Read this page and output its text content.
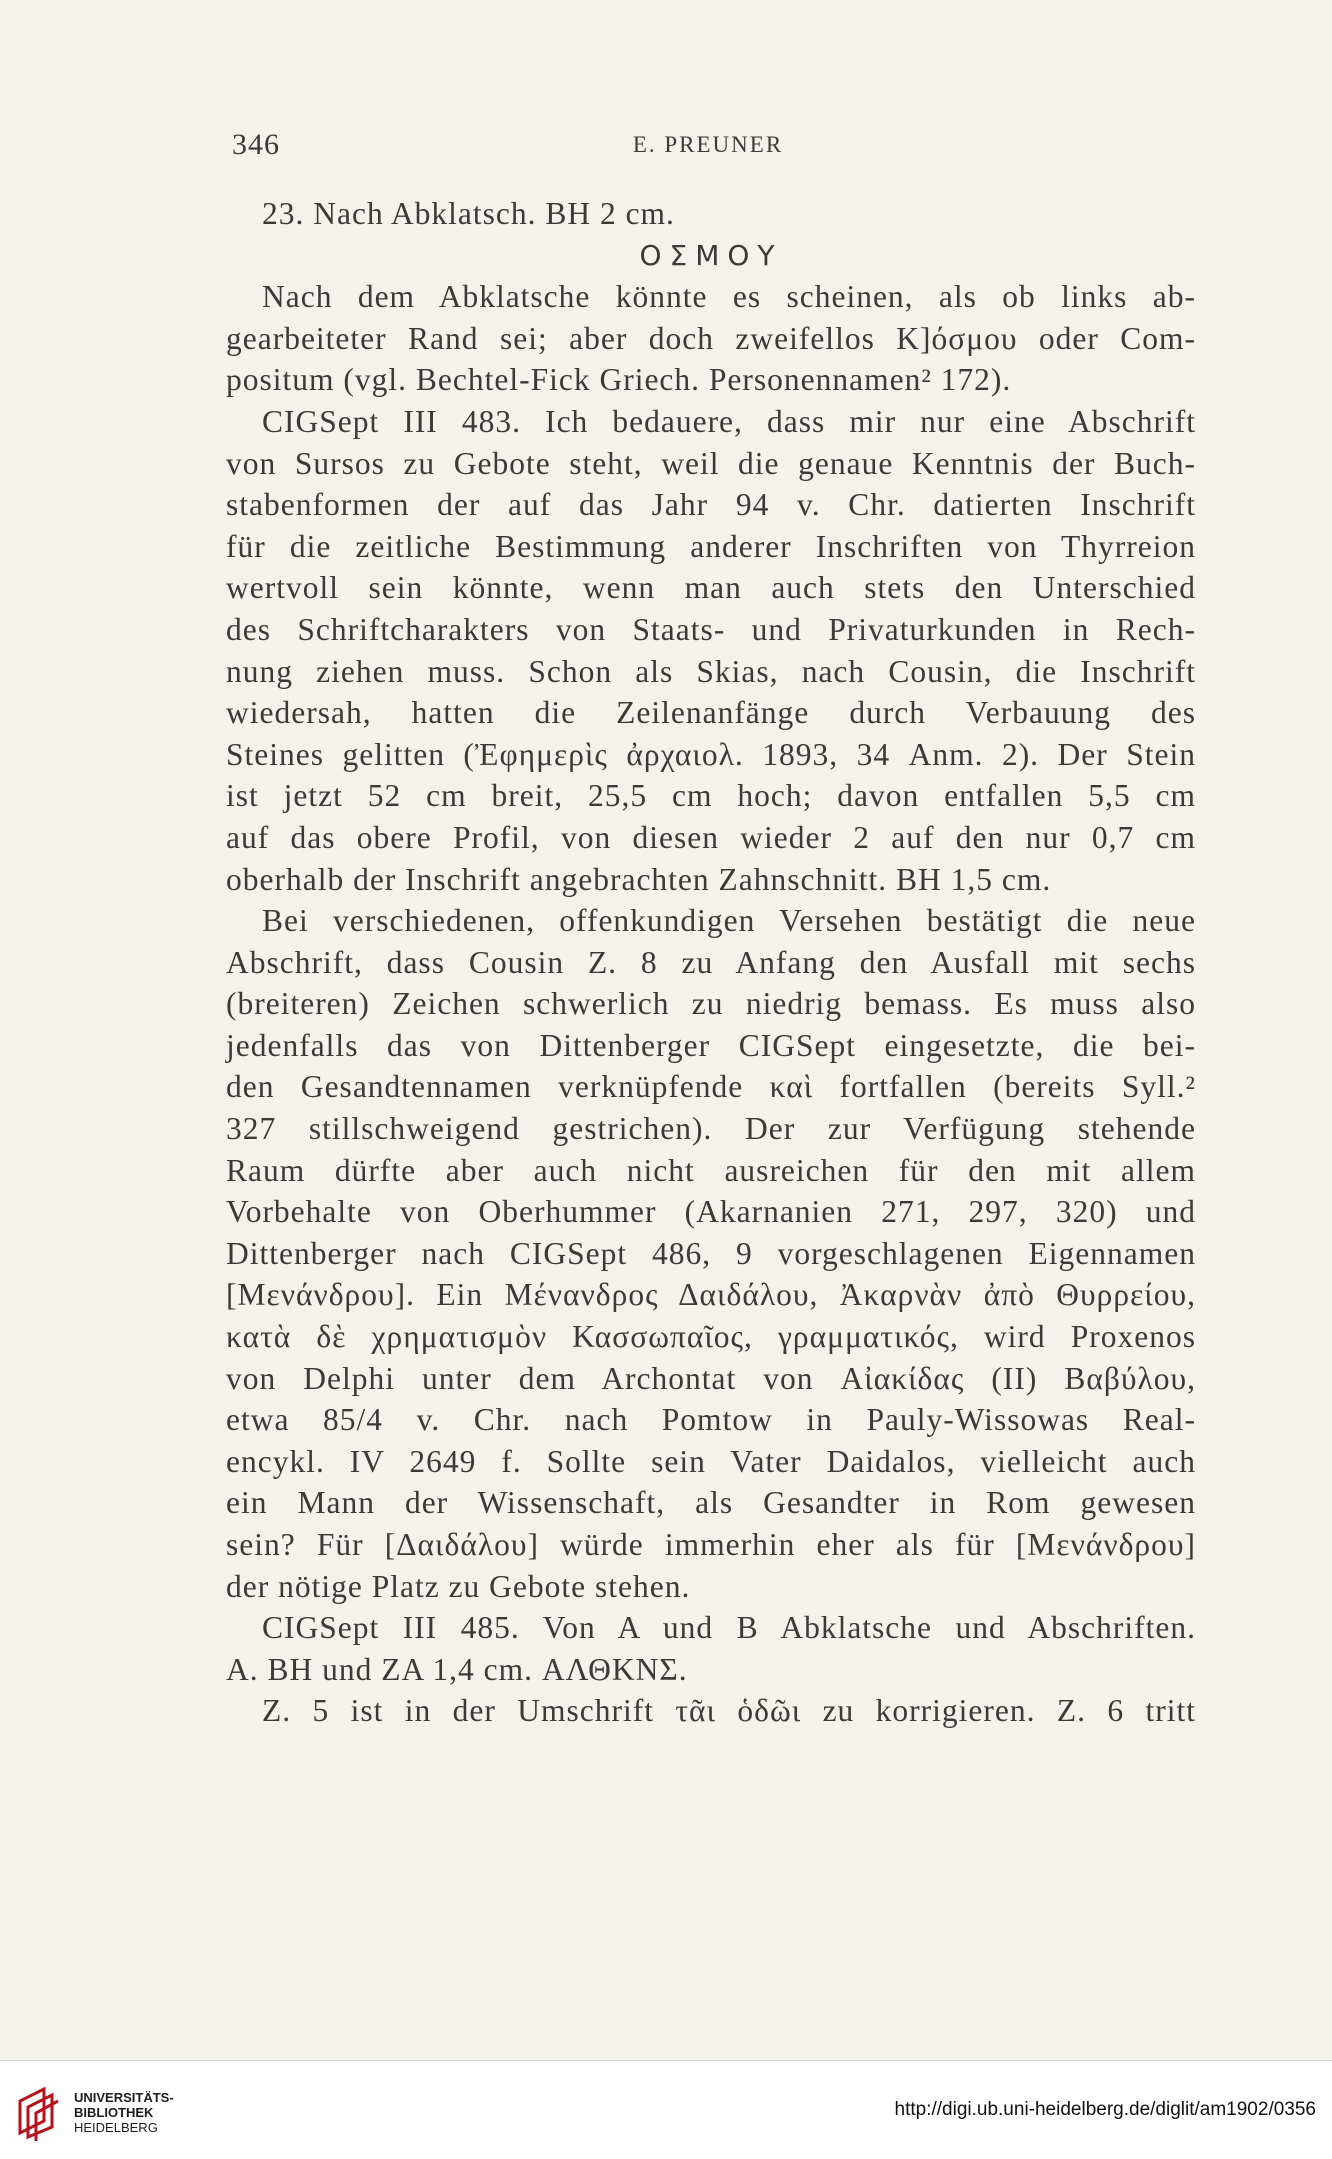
346	E. PREUNER
23. Nach Abklatsch. BH 2 cm.
ΟΣΜΟΥ
Nach dem Abklatsche könnte es scheinen, als ob links ab-
gearbeiteter Rand sei; aber doch zweifellos K]όσμου oder Com-
positum (vgl. Bechtel-Fick Griech. Personennamen² 172).
CIGSept III 483. Ich bedauere, dass mir nur eine Abschrift
von Sursos zu Gebote steht, weil die genaue Kenntnis der Buch-
stabenformen der auf das Jahr 94 v. Chr. datierten Inschrift
für die zeitliche Bestimmung anderer Inschriften von Thyrreion
wertvoll sein könnte, wenn man auch stets den Unterschied
des Schriftcharakters von Staats- und Privaturkunden in Rech-
nung ziehen muss. Schon als Skias, nach Cousin, die Inschrift
wiedersah, hatten die Zeilenanfänge durch Verbauung des
Steines gelitten (Ἐφημερὶς ἀρχαιολ. 1893, 34 Anm. 2). Der Stein
ist jetzt 52 cm breit, 25,5 cm hoch; davon entfallen 5,5 cm
auf das obere Profil, von diesen wieder 2 auf den nur 0,7 cm
oberhalb der Inschrift angebrachten Zahnschnitt. BH 1,5 cm.
Bei verschiedenen, offenkundigen Versehen bestätigt die neue
Abschrift, dass Cousin Z. 8 zu Anfang den Ausfall mit sechs
(breiteren) Zeichen schwerlich zu niedrig bemass. Es muss also
jedenfalls das von Dittenberger CIGSept eingesetzte, die bei-
den Gesandtennamen verknüpfende καὶ fortfallen (bereits Syll.²
327 stillschweigend gestrichen). Der zur Verfügung stehende
Raum dürfte aber auch nicht ausreichen für den mit allem
Vorbehalte von Oberhummer (Akarnanien 271, 297, 320) und
Dittenberger nach CIGSept 486, 9 vorgeschlagenen Eigennamen
[Μενάνδρου]. Ein Μένανδρος Δαιδάλου, Ἀκαρνὰν ἀπὸ Θυρρείου,
κατὰ δὲ χρηματισμὸν Κασσωπαῖος, γραμματικός, wird Proxenos
von Delphi unter dem Archontat von Αἰακίδας (II) Βαβύλου,
etwa 85/4 v. Chr. nach Pomtow in Pauly-Wissowas Real-
encykl. IV 2649 f. Sollte sein Vater Daidalos, vielleicht auch
ein Mann der Wissenschaft, als Gesandter in Rom gewesen
sein? Für [Δαιδάλου] würde immerhin eher als für [Μενάνδρου]
der nötige Platz zu Gebote stehen.
CIGSept III 485. Von A und B Abklatsche und Abschriften.
A. BH und ZA 1,4 cm. ΑΛΘΚΝΣ.
Z. 5 ist in der Umschrift τᾶι ὁδῶι zu korrigieren. Z. 6 tritt
UNIVERSITÄTS-
BIBLIOTHEK
HEIDELBERG
http://digi.ub.uni-heidelberg.de/diglit/am1902/0356
